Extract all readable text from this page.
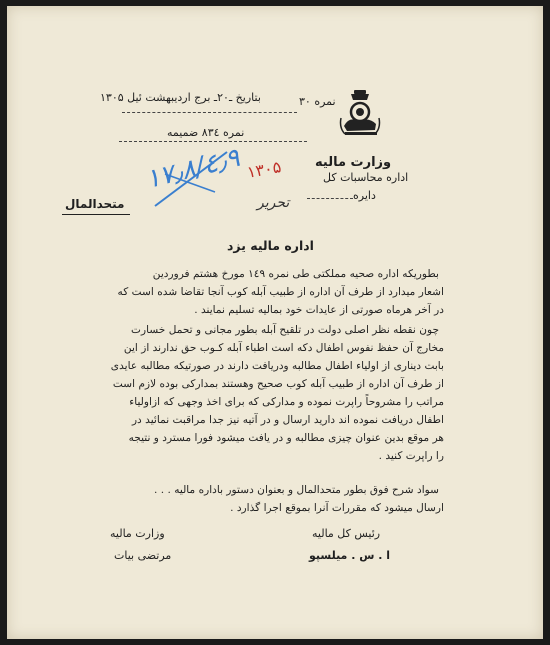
نمره ۳۰
بتاریخ ـ۲۰ـ برج اردیبهشت ئیل ۱۳۰۵
نمره ۸۳٤ ضمیمه
وزارت مالیه
اداره محاسبات کل
دایره
٤٫٩/۱۷٫۸ ۱۳۰۵
تحریر
متحدالمال
اداره مالیه یزد
بطوریکه اداره صحیه مملکتی طی نمره ۱٤۹ مورخ هشتم فروردین
اشعار میدارد از طرف آن اداره از طبیب آبله کوب آنجا تقاضا شده است که
در آخر هرماه صورتی از عایدات خود بمالیه تسلیم نمایند .
چون نقطه نظر اصلی دولت در تلقیح آبله بطور مجانی و تحمل خسارت
مخارج آن حفظ نفوس اطفال دکه است اطباء آبله کـوب حق ندارند از این
بابت دیناری از اولیاء اطفال مطالبه ودریافت دارند در صورتیکه مطالبه عایدی
از طرف آن اداره از طبیب آبله کوب صحیح وهستند بمدارکی بوده لازم است
مراتب را مشروحاً راپرت نموده و مدارکی که برای اخذ وجهی که ازاولیاء
اطفال دریافت نموده اند دارید ارسال و در آتیه نیز جدا مراقبت نمائید در
هر موقع بدین عنوان چیزی مطالبه و در یافت میشود فورا مسترد و نتیجه
را راپرت کنید .
سواد شرح فوق بطور متحدالمال و بعنوان دستور باداره مالیه . . .
ارسال میشود که مقررات آنرا بموقع اجرا گذارد .
رئیس کل مالیه
ا . س . میلسپو
وزارت مالیه
مرتضی بیات
